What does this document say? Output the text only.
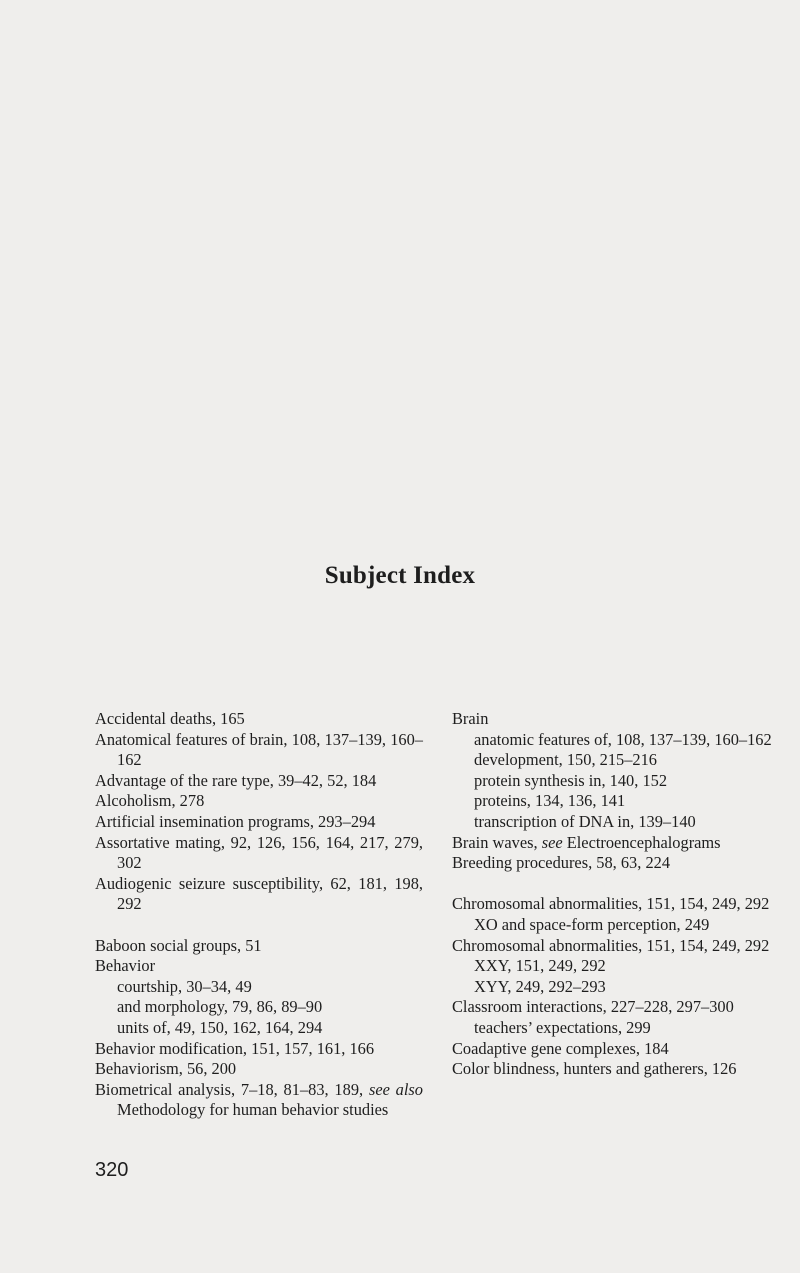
Subject Index
Accidental deaths, 165
Anatomical features of brain, 108, 137–139, 160–162
Advantage of the rare type, 39–42, 52, 184
Alcoholism, 278
Artificial insemination programs, 293–294
Assortative mating, 92, 126, 156, 164, 217, 279, 302
Audiogenic seizure susceptibility, 62, 181, 198, 292
Baboon social groups, 51
Behavior
courtship, 30–34, 49
and morphology, 79, 86, 89–90
units of, 49, 150, 162, 164, 294
Behavior modification, 151, 157, 161, 166
Behaviorism, 56, 200
Biometrical analysis, 7–18, 81–83, 189, see also Methodology for human behavior studies
Brain
anatomic features of, 108, 137–139, 160–162
development, 150, 215–216
protein synthesis in, 140, 152
proteins, 134, 136, 141
transcription of DNA in, 139–140
Brain waves, see Electroencephalograms
Breeding procedures, 58, 63, 224
Chromosomal abnormalities, 151, 154, 249, 292
XO and space-form perception, 249
Chromosomal abnormalities, 151, 154, 249, 292
XXY, 151, 249, 292
XYY, 249, 292–293
Classroom interactions, 227–228, 297–300
teachers’ expectations, 299
Coadaptive gene complexes, 184
Color blindness, hunters and gatherers, 126

320
